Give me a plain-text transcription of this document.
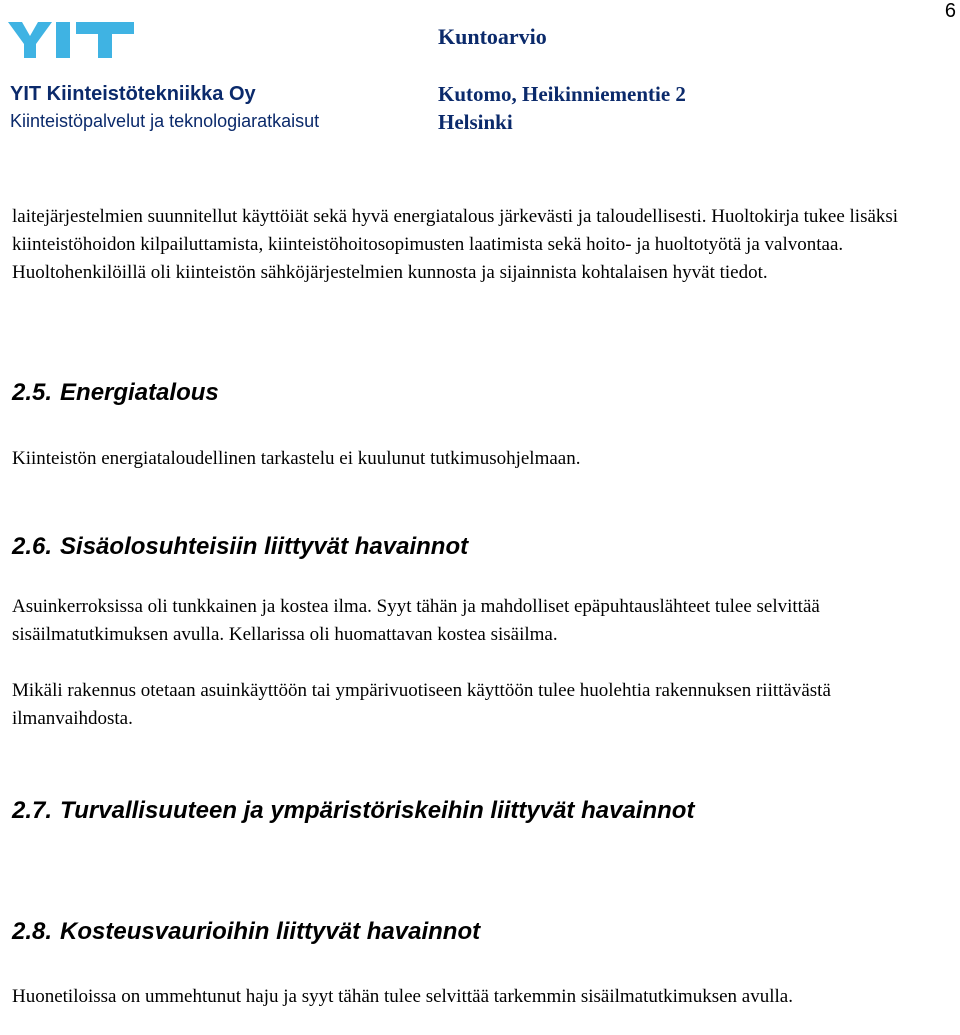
6
Kuntoarvio
YIT Kiinteistötekniikka Oy
Kiinteistöpalvelut ja teknologiaratkaisut
Kutomo, Heikinniementie 2
Helsinki

laitejärjestelmien suunnitellut käyttöiät sekä hyvä energiatalous järkevästi ja taloudellisesti. Huoltokirja tukee lisäksi kiinteistöhoidon kilpailuttamista, kiinteistöhoitosopimusten laatimista sekä hoito- ja huoltotyötä ja valvontaa. Huoltohenkilöillä oli kiinteistön sähköjärjestelmien kunnosta ja sijainnista kohtalaisen hyvät tiedot.

2.5. Energiatalous

Kiinteistön energiataloudellinen tarkastelu ei kuulunut tutkimusohjelmaan.

2.6. Sisäolosuhteisiin liittyvät havainnot

Asuinkerroksissa oli tunkkainen ja kostea ilma. Syyt tähän ja mahdolliset epäpuhtauslähteet tulee selvittää sisäilmatutkimuksen avulla. Kellarissa oli huomattavan kostea sisäilma.

Mikäli rakennus otetaan asuinkäyttöön tai ympärivuotiseen käyttöön tulee huolehtia rakennuksen riittävästä ilmanvaihdosta.

2.7. Turvallisuuteen ja ympäristöriskeihin liittyvät havainnot
2.8. Kosteusvaurioihin liittyvät havainnot

Huonetiloissa on ummehtunut haju ja syyt tähän tulee selvittää tarkemmin sisäilmatutkimuksen avulla.
